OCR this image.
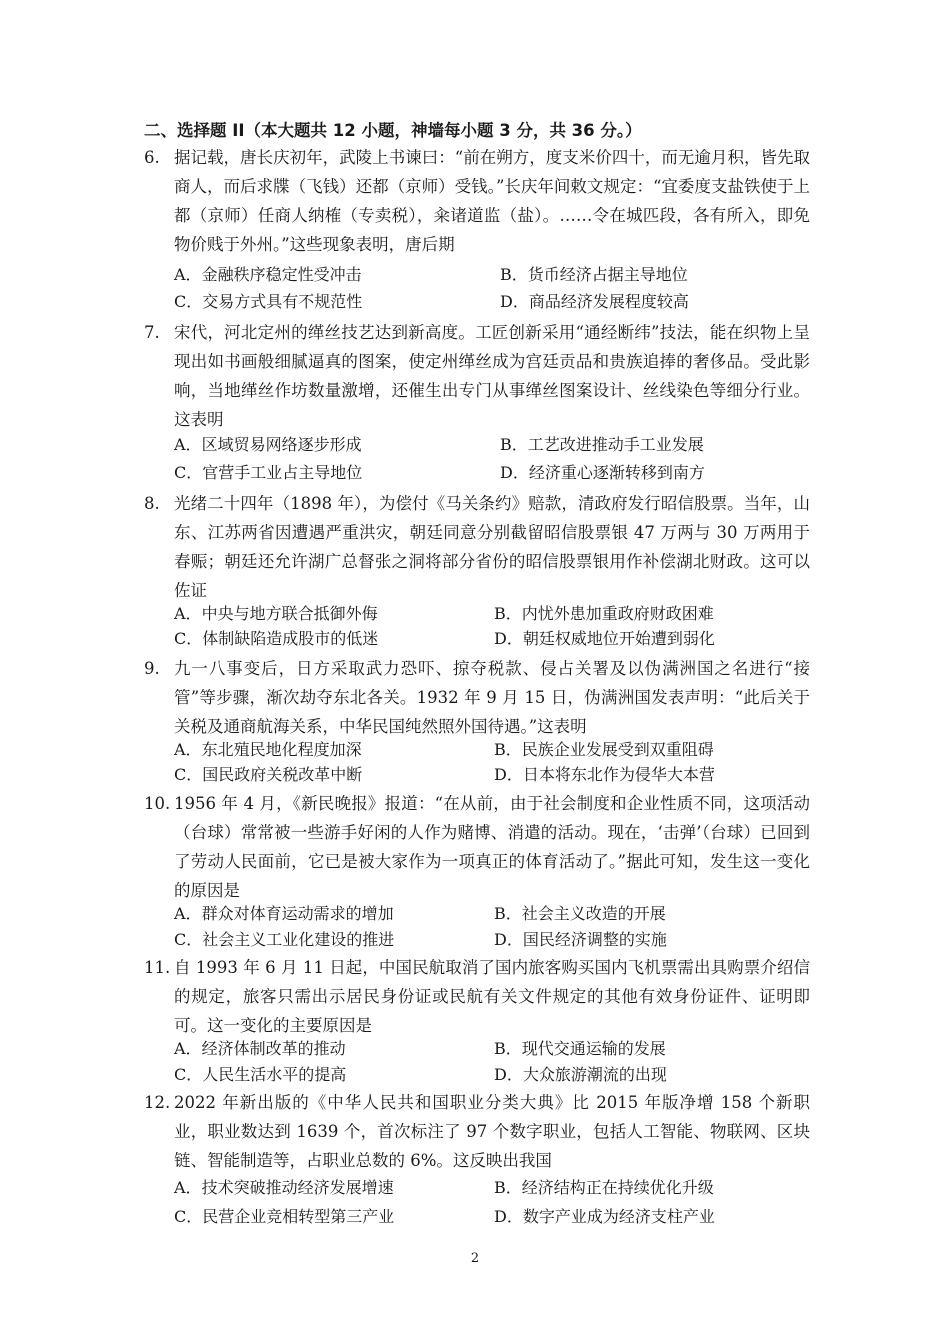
二、选择题 II（本大题共 12 小题，神墙每小题 3 分，共 36 分。）
6. 据记载，唐长庆初年，武陵上书谏曰：“前在朔方，度支米价四十，而无逾月积，皆先取商人，而后求牒（飞钱）还都（京师）受钱。”长庆年间敕文规定：“宜委度支盐铁使于上都（京师）任商人纳榷（专卖税），籴诸道监（盐）。……令在城匹段，各有所入，即免物价贱于外州。”这些现象表明，唐后期
A．金融秩序稳定性受冲击	B．货币经济占据主导地位
C．交易方式具有不规范性	D．商品经济发展程度较高
7. 宋代，河北定州的缂丝技艺达到新高度。工匠创新采用“通经断纬”技法，能在织物上呈现出如书画般细腻逼真的图案，使定州缂丝成为宫廷贡品和贵族追捧的奢侈品。受此影响，当地缂丝作坊数量激增，还催生出专门从事缂丝图案设计、丝线染色等细分行业。这表明
A．区域贸易网络逐步形成	B．工艺改进推动手工业发展
C．官营手工业占主导地位	D．经济重心逐渐转移到南方
8. 光绪二十四年（1898 年），为偿付《马关条约》赔款，清政府发行昭信股票。当年，山东、江苏两省因遭遇严重洪灾，朝廷同意分别截留昭信股票银 47 万两与 30 万两用于春赈；朝廷还允许湖广总督张之洞将部分省份的昭信股票银用作补偿湖北财政。这可以佐证
A．中央与地方联合抵御外侮	B．内忧外患加重政府财政困难
C．体制缺陷造成股市的低迷	D．朝廷权威地位开始遭到弱化
9. 九一八事变后，日方采取武力恐吓、掠夺税款、侵占关署及以伪满洲国之名进行“接管”等步骤，渐次劫夺东北各关。1932 年 9 月 15 日，伪满洲国发表声明：“此后关于关税及通商航海关系，中华民国纯然照外国待遇。”这表明
A．东北殖民地化程度加深	B．民族企业发展受到双重阻碍
C．国民政府关税改革中断	D．日本将东北作为侵华大本营
10. 1956 年 4 月，《新民晚报》报道：“在从前，由于社会制度和企业性质不同，这项活动（台球）常常被一些游手好闲的人作为赌博、消遣的活动。现在，‘击弹’（台球）已回到了劳动人民面前，它已是被大家作为一项真正的体育活动了。”据此可知，发生这一变化的原因是
A．群众对体育运动需求的增加	B．社会主义改造的开展
C．社会主义工业化建设的推进	D．国民经济调整的实施
11. 自 1993 年 6 月 11 日起，中国民航取消了国内旅客购买国内飞机票需出具购票介绍信的规定，旅客只需出示居民身份证或民航有关文件规定的其他有效身份证件、证明即可。这一变化的主要原因是
A．经济体制改革的推动	B．现代交通运输的发展
C．人民生活水平的提高	D．大众旅游潮流的出现
12. 2022 年新出版的《中华人民共和国职业分类大典》比 2015 年版净增 158 个新职业，职业数达到 1639 个，首次标注了 97 个数字职业，包括人工智能、物联网、区块链、智能制造等，占职业总数的 6%。这反映出我国
A．技术突破推动经济发展增速	B．经济结构正在持续优化升级
C．民营企业竞相转型第三产业	D．数字产业成为经济支柱产业
2
